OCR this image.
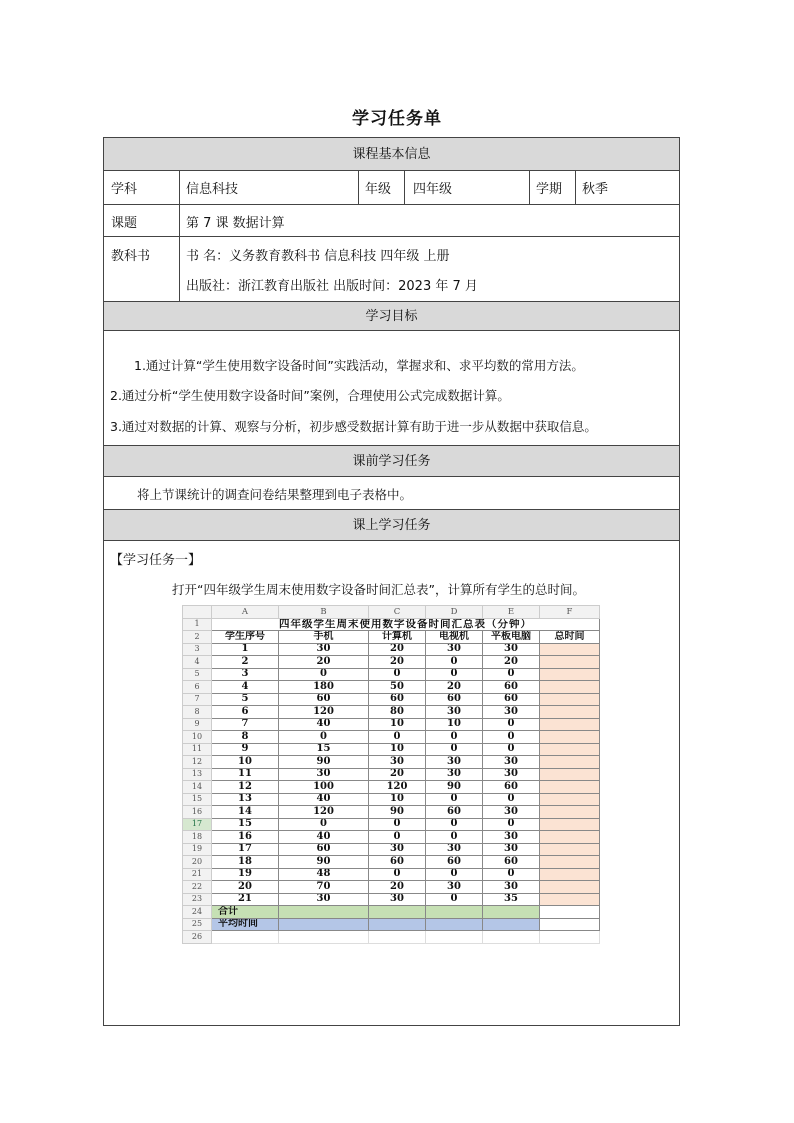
学习任务单
课程基本信息
学科	信息科技	年级 四年级	学期 秋季
课题	第 7 课 数据计算
教科书	书 名：义务教育教科书 信息科技 四年级 上册
出版社：浙江教育出版社 出版时间：2023 年 7 月
学习目标
1.通过计算“学生使用数字设备时间”实践活动，掌握求和、求平均数的常用方法。
2.通过分析“学生使用数字设备时间”案例，合理使用公式完成数据计算。
3.通过对数据的计算、观察与分析，初步感受数据计算有助于进一步从数据中获取信息。
课前学习任务
将上节课统计的调查问卷结果整理到电子表格中。
课上学习任务
【学习任务一】
打开“四年级学生周末使用数字设备时间汇总表”，计算所有学生的总时间。
	A	B	C	D	E	F
1	四年级学生周末使用数字设备时间汇总表（分钟）					
2	学生序号	手机	计算机	电视机	平板电脑	总时间
3	1	30	20	30	30	
4	2	20	20	0	20	
5	3	0	0	0	0	
6	4	180	50	20	60	
7	5	60	60	60	60	
8	6	120	80	30	30	
9	7	40	10	10	0	
10	8	0	0	0	0	
11	9	15	10	0	0	
12	10	90	30	30	30	
13	11	30	20	30	30	
14	12	100	120	90	60	
15	13	40	10	0	0	
16	14	120	90	60	30	
17	15	0	0	0	0	
18	16	40	0	0	30	
19	17	60	30	30	30	
20	18	90	60	60	60	
21	19	48	0	0	0	
22	20	70	20	30	30	
23	21	30	30	0	35	
24	合计					
25	平均时间					
26						
